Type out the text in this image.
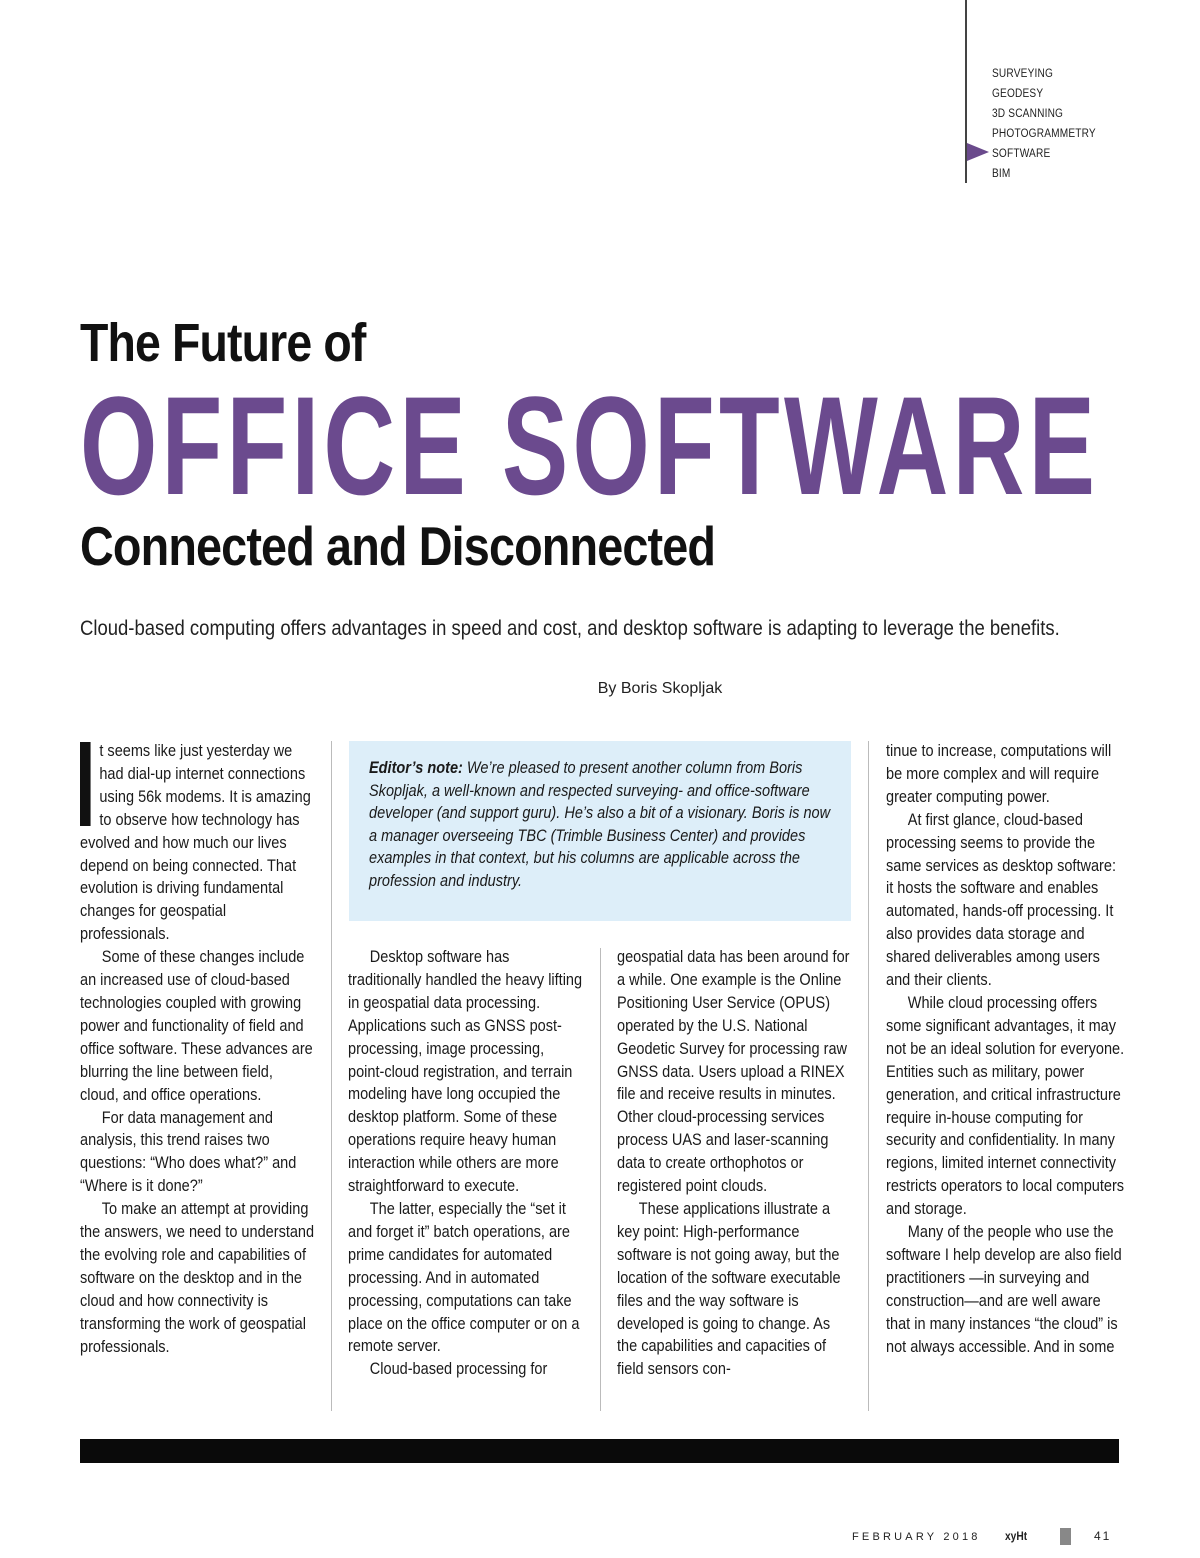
SURVEYING
GEODESY
3D SCANNING
PHOTOGRAMMETRY
SOFTWARE
BIM
The Future of
OFFICE SOFTWARE
Connected and Disconnected
Cloud-based computing offers advantages in speed and cost, and desktop software is adapting to leverage the benefits.
By Boris Skopljak

t seems like just yesterday we had dial-up internet connections using 56k modems. It is amazing to observe how technology has evolved and how much our lives depend on being connected. That evolution is driving fundamental changes for geospatial professionals.

Some of these changes include an increased use of cloud-based technologies coupled with growing power and functionality of field and office software. These advances are blurring the line between field, cloud, and office operations.

For data management and analysis, this trend raises two questions: “Who does what?” and “Where is it done?”

To make an attempt at providing the answers, we need to understand the evolving role and capabilities of software on the desktop and in the cloud and how connectivity is transforming the work of geospatial professionals.

Editor’s note: We’re pleased to present another column from Boris Skopljak, a well-known and respected surveying- and office-software developer (and support guru). He’s also a bit of a visionary. Boris is now a manager overseeing TBC (Trimble Business Center) and provides examples in that context, but his columns are applicable across the profession and industry.

Desktop software has traditionally handled the heavy lifting in geospatial data processing. Applications such as GNSS post-processing, image processing, point-cloud registration, and terrain modeling have long occupied the desktop platform. Some of these operations require heavy human interaction while others are more straightforward to execute.

The latter, especially the “set it and forget it” batch operations, are prime candidates for automated processing. And in automated processing, computations can take place on the office computer or on a remote server.

Cloud-based processing for

geospatial data has been around for a while. One example is the Online Positioning User Service (OPUS) operated by the U.S. National Geodetic Survey for processing raw GNSS data. Users upload a RINEX file and receive results in minutes. Other cloud-processing services process UAS and laser-scanning data to create orthophotos or registered point clouds.

These applications illustrate a key point: High-performance software is not going away, but the location of the software executable files and the way software is developed is going to change. As the capabilities and capacities of field sensors con-

tinue to increase, computations will be more complex and will require greater computing power.

At first glance, cloud-based processing seems to provide the same services as desktop software: it hosts the software and enables automated, hands-off processing. It also provides data storage and shared deliverables among users and their clients.

While cloud processing offers some significant advantages, it may not be an ideal solution for everyone. Entities such as military, power generation, and critical infrastructure require in-house computing for security and confidentiality. In many regions, limited internet connectivity restricts operators to local computers and storage.

Many of the people who use the software I help develop are also field practitioners —in surveying and construction—and are well aware that in many instances “the cloud” is not always accessible. And in some

FEBRUARY 2018 xyHt	41
